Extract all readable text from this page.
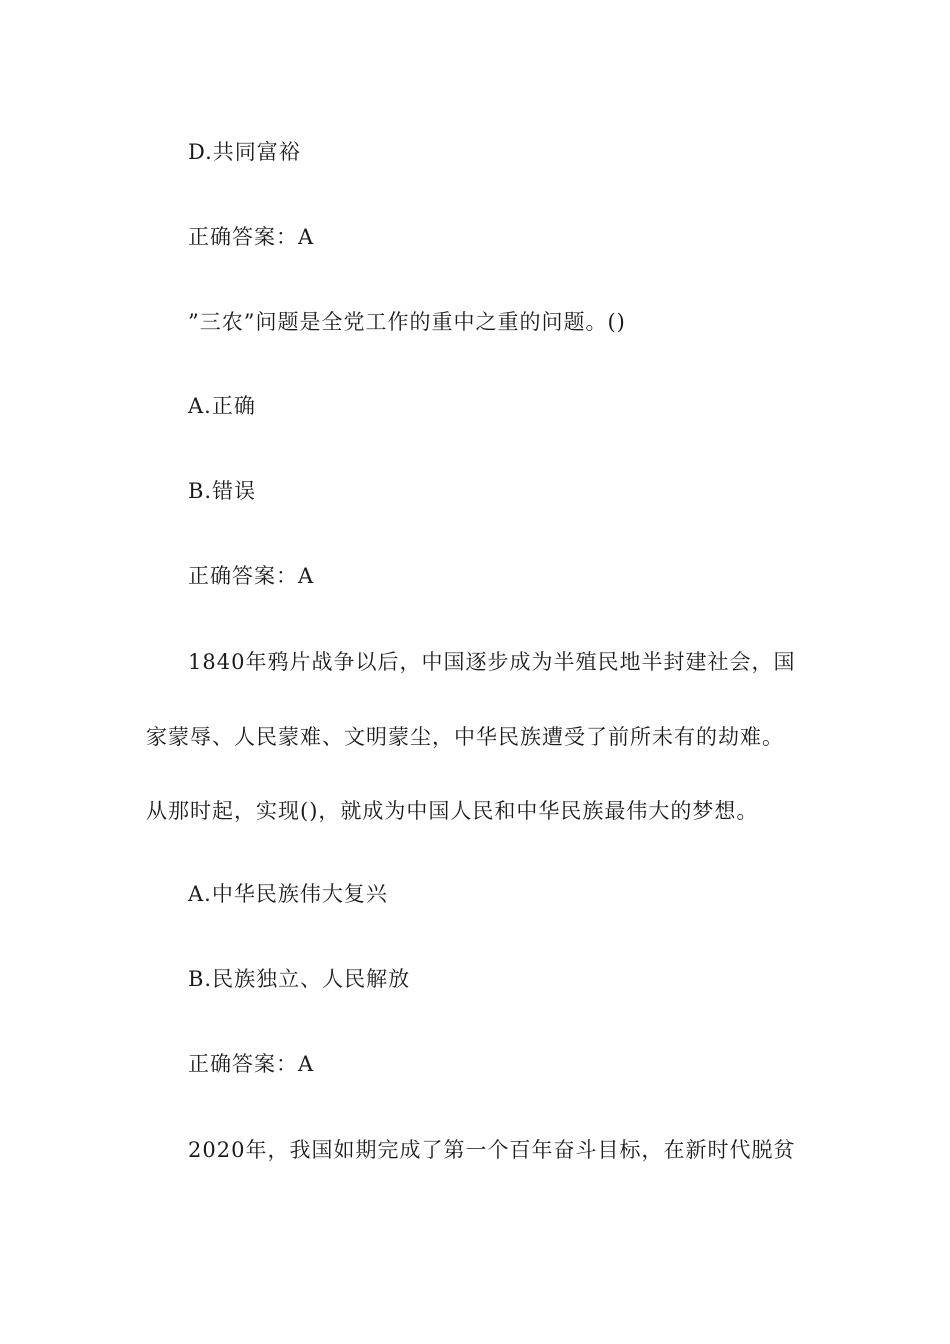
D.共同富裕
正确答案：A
”三农”问题是全党工作的重中之重的问题。()
A.正确
B.错误
正确答案：A
1840年鸦片战争以后，中国逐步成为半殖民地半封建社会，国
家蒙辱、人民蒙难、文明蒙尘，中华民族遭受了前所未有的劫难。
从那时起，实现()，就成为中国人民和中华民族最伟大的梦想。
A.中华民族伟大复兴
B.民族独立、人民解放
正确答案：A
2020年，我国如期完成了第一个百年奋斗目标，在新时代脱贫
